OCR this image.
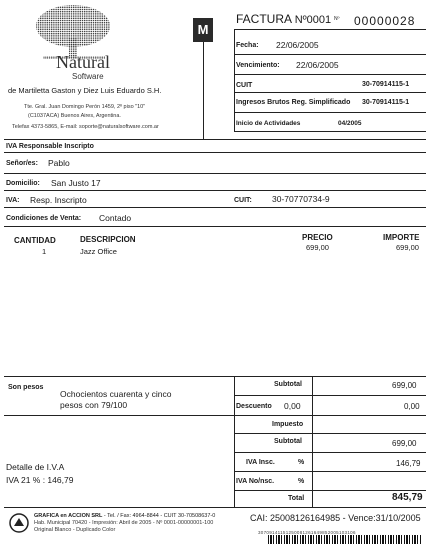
Natural
Software
de Martiletta Gaston y Diez Luis Eduardo S.H.
Tte. Gral. Juan Domingo Perón 1459, 2º piso "10"
(C1037ACA) Buenos Aires, Argentina.
Telefax 4373-5865, E-mail: soporte@naturalsoftware.com.ar
M
FACTURA Nº0001 Nº 00000028
Fecha: 22/06/2005
Vencimiento: 22/06/2005
CUIT	30-70914115-1
Ingresos Brutos Reg. Simplificado 30-70914115-1
Inicio de Actividades	04/2005
IVA Responsable Inscripto
Señor/es: Pablo
Domicilio: San Justo 17
IVA: Resp. Inscripto	CUIT: 30-70770734-9
Condiciones de Venta: Contado
CANTIDAD	DESCRIPCION	PRECIO	IMPORTE
1	Jazz Office	699,00	699,00
Son pesos
Ochocientos cuarenta y cinco
pesos con 79/100
Subtotal	699,00
Descuento 0,00	0,00
Impuesto
Subtotal	699,00
IVA Insc.	%	146,79
IVA No/nsc.	%
Total	845,79
Detalle de I.V.A
IVA 21 % : 146,79
GRAFICA en ACCION SRL - Tel. / Fax: 4964-8844 - CUIT 30-70508637-0
Hab. Municipal 70420 - Impresión: Abril de 2005 - Nº 0001-00000001-100
Original Blanco - Duplicado Color
CAI: 25008126164985 - Vence:31/10/2005
30709141151250081261649852005103106
